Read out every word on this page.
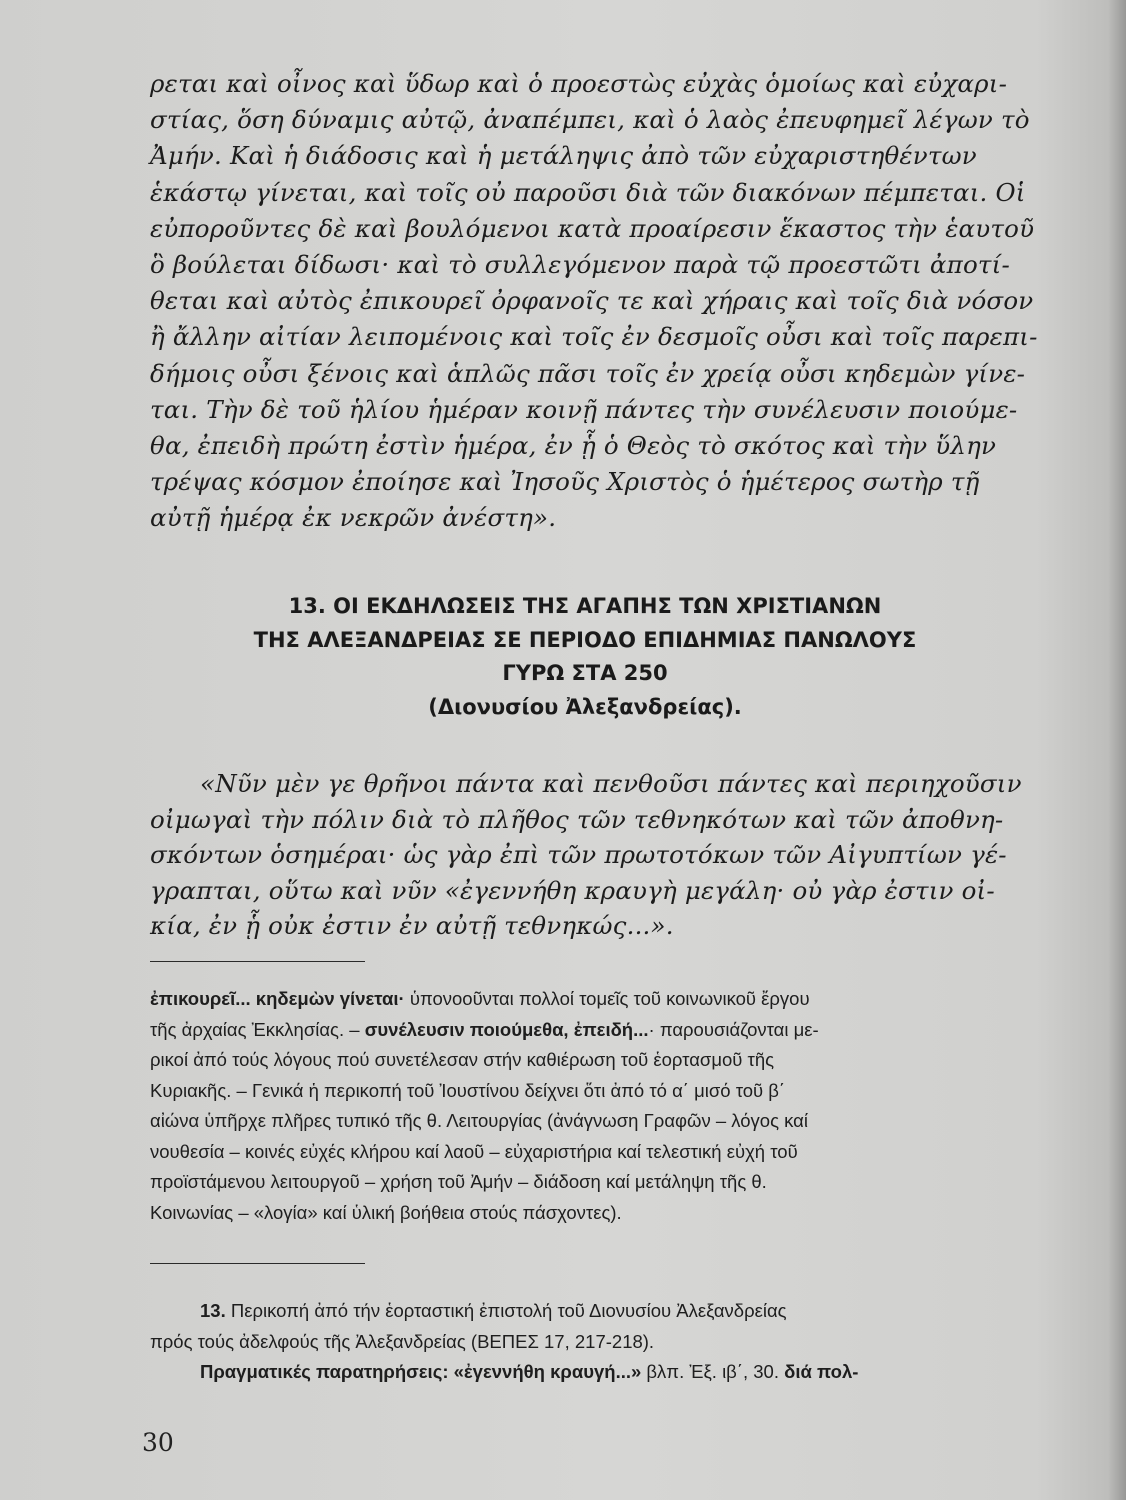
ρεται καὶ οἶνος καὶ ὕδωρ καὶ ὁ προεστὼς εὐχὰς ὁμοίως καὶ εὐχαρι-
στίας, ὅση δύναμις αὐτῷ, ἀναπέμπει, καὶ ὁ λαὸς ἐπευφημεῖ λέγων τὸ
Ἀμήν. Καὶ ἡ διάδοσις καὶ ἡ μετάληψις ἀπὸ τῶν εὐχαριστηθέντων
ἑκάστῳ γίνεται, καὶ τοῖς οὐ παροῦσι διὰ τῶν διακόνων πέμπεται. Οἱ
εὐποροῦντες δὲ καὶ βουλόμενοι κατὰ προαίρεσιν ἕκαστος τὴν ἑαυτοῦ
ὃ βούλεται δίδωσι· καὶ τὸ συλλεγόμενον παρὰ τῷ προεστῶτι ἀποτί-
θεται καὶ αὐτὸς ἐπικουρεῖ ὀρφανοῖς τε καὶ χήραις καὶ τοῖς διὰ νόσον
ἢ ἄλλην αἰτίαν λειπομένοις καὶ τοῖς ἐν δεσμοῖς οὖσι καὶ τοῖς παρεπι-
δήμοις οὖσι ξένοις καὶ ἁπλῶς πᾶσι τοῖς ἐν χρείᾳ οὖσι κηδεμὼν γίνε-
ται. Τὴν δὲ τοῦ ἡλίου ἡμέραν κοινῇ πάντες τὴν συνέλευσιν ποιούμε-
θα, ἐπειδὴ πρώτη ἐστὶν ἡμέρα, ἐν ᾗ ὁ Θεὸς τὸ σκότος καὶ τὴν ὕλην
τρέψας κόσμον ἐποίησε καὶ Ἰησοῦς Χριστὸς ὁ ἡμέτερος σωτὴρ τῇ
αὐτῇ ἡμέρᾳ ἐκ νεκρῶν ἀνέστη».
13. ΟΙ ΕΚΔΗΛΩΣΕΙΣ ΤΗΣ ΑΓΑΠΗΣ ΤΩΝ ΧΡΙΣΤΙΑΝΩΝ
ΤΗΣ ΑΛΕΞΑΝΔΡΕΙΑΣ ΣΕ ΠΕΡΙΟΔΟ ΕΠΙΔΗΜΙΑΣ ΠΑΝΩΛΟΥΣ
ΓΥΡΩ ΣΤΑ 250
(Διονυσίου Ἀλεξανδρείας).
«Νῦν μὲν γε θρῆνοι πάντα καὶ πενθοῦσι πάντες καὶ περιηχοῦσιν
οἰμωγαὶ τὴν πόλιν διὰ τὸ πλῆθος τῶν τεθνηκότων καὶ τῶν ἀποθνη-
σκόντων ὁσημέραι· ὡς γὰρ ἐπὶ τῶν πρωτοτόκων τῶν Αἰγυπτίων γέ-
γραπται, οὕτω καὶ νῦν «ἐγεννήθη κραυγὴ μεγάλη· οὐ γὰρ ἐστιν οἰ-
κία, ἐν ᾗ οὐκ ἐστιν ἐν αὐτῇ τεθνηκώς...».
ἐπικουρεῖ... κηδεμὼν γίνεται· ὑπονοοῦνται πολλοί τομεῖς τοῦ κοινωνικοῦ ἔργου
τῆς ἀρχαίας Ἐκκλησίας. – συνέλευσιν ποιούμεθα, ἐπειδή...· παρουσιάζονται με-
ρικοί ἀπό τούς λόγους πού συνετέλεσαν στήν καθιέρωση τοῦ ἑορτασμοῦ τῆς
Κυριακῆς. – Γενικά ἡ περικοπή τοῦ Ἰουστίνου δείχνει ὅτι ἀπό τό α΄ μισό τοῦ β΄
αἰώνα ὑπῆρχε πλῆρες τυπικό τῆς θ. Λειτουργίας (ἀνάγνωση Γραφῶν – λόγος καί
νουθεσία – κοινές εὐχές κλήρου καί λαοῦ – εὐχαριστήρια καί τελεστική εὐχή τοῦ
προϊστάμενου λειτουργοῦ – χρήση τοῦ Ἀμήν – διάδοση καί μετάληψη τῆς θ.
Κοινωνίας – «λογία» καί ὑλική βοήθεια στούς πάσχοντες).
13. Περικοπή ἀπό τήν ἑορταστική ἐπιστολή τοῦ Διονυσίου Ἀλεξανδρείας
πρός τούς ἀδελφούς τῆς Ἀλεξανδρείας (ΒΕΠΕΣ 17, 217-218).
Πραγματικές παρατηρήσεις: «ἐγεννήθη κραυγή...» βλπ. Ἐξ. ιβ΄, 30. διά πολ-
30
